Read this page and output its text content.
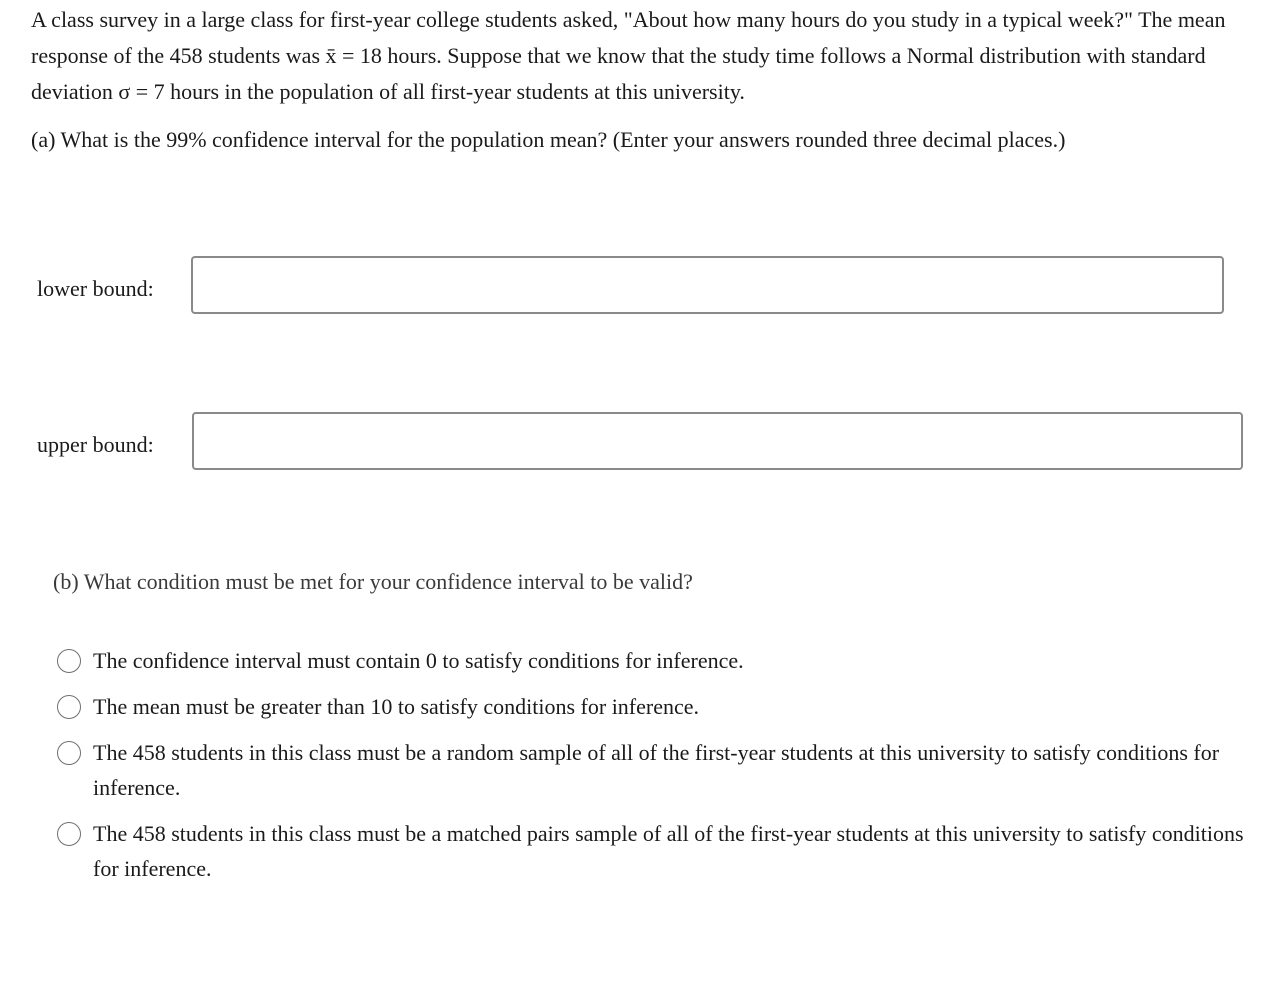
A class survey in a large class for first-year college students asked, "About how many hours do you study in a typical week?" The mean response of the 458 students was x̄ = 18 hours. Suppose that we know that the study time follows a Normal distribution with standard deviation σ = 7 hours in the population of all first-year students at this university.

(a) What is the 99% confidence interval for the population mean? (Enter your answers rounded three decimal places.)

lower bound:
upper bound:

(b) What condition must be met for your confidence interval to be valid?

The confidence interval must contain 0 to satisfy conditions for inference.
The mean must be greater than 10 to satisfy conditions for inference.
The 458 students in this class must be a random sample of all of the first-year students at this university to satisfy conditions for inference.
The 458 students in this class must be a matched pairs sample of all of the first-year students at this university to satisfy conditions for inference.
